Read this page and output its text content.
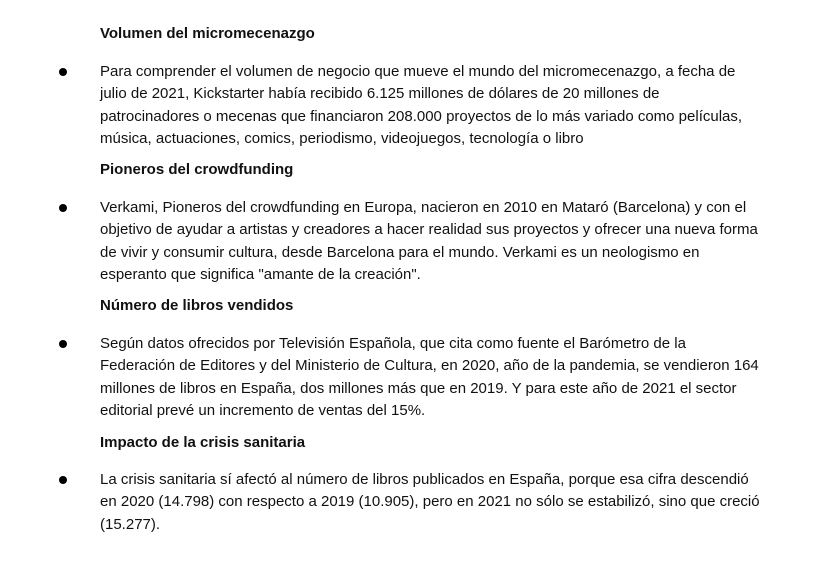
Volumen del micromecenazgo
Para comprender el volumen de negocio que mueve el mundo del micromecenazgo, a fecha de
julio de 2021, Kickstarter había recibido 6.125 millones de dólares de 20 millones de
patrocinadores o mecenas que financiaron 208.000 proyectos de lo más variado como películas,
música, actuaciones, comics, periodismo, videojuegos, tecnología o libro
Pioneros del crowdfunding
Verkami, Pioneros del crowdfunding en Europa, nacieron en 2010 en Mataró (Barcelona) y con el
objetivo de ayudar a artistas y creadores a hacer realidad sus proyectos y ofrecer una nueva forma
de vivir y consumir cultura, desde Barcelona para el mundo. Verkami es un neologismo en
esperanto que significa "amante de la creación".
Número de libros vendidos
Según datos ofrecidos por Televisión Española, que cita como fuente el Barómetro de la
Federación de Editores y del Ministerio de Cultura, en 2020, año de la pandemia, se vendieron 164
millones de libros en España, dos millones más que en 2019. Y para este año de 2021 el sector
editorial prevé un incremento de ventas del 15%.
Impacto de la crisis sanitaria
La crisis sanitaria sí afectó al número de libros publicados en España, porque esa cifra descendió
en 2020 (14.798) con respecto a 2019 (10.905), pero en 2021 no sólo se estabilizó, sino que creció
(15.277).
